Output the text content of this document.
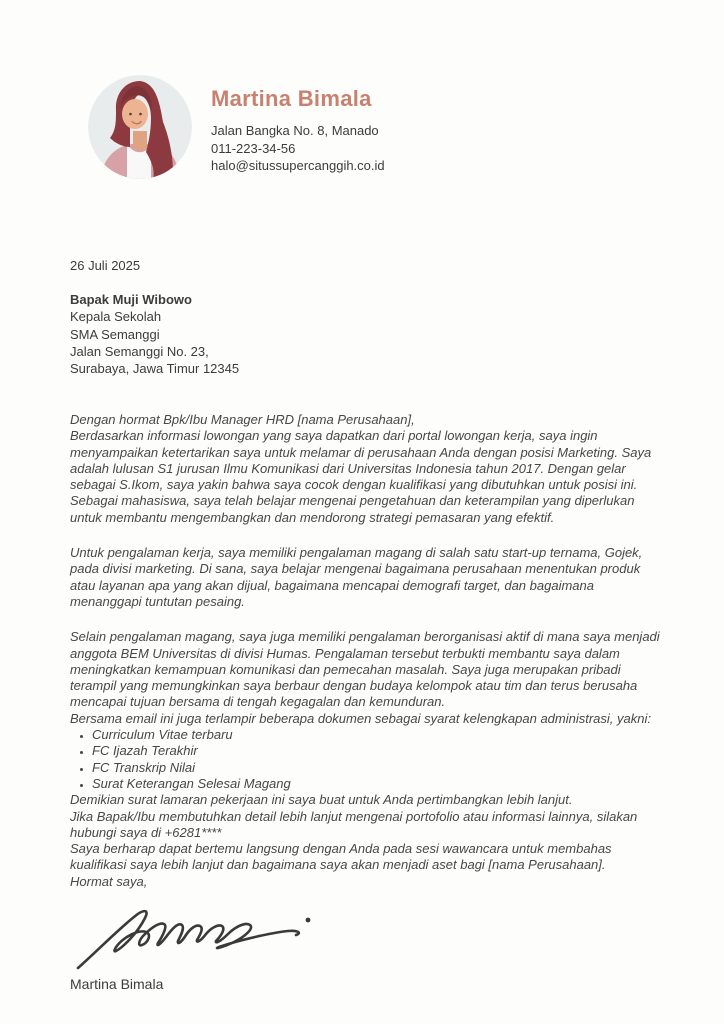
Martina Bimala
Jalan Bangka No. 8, Manado
011-223-34-56
halo@situssupercanggih.co.id
26 Juli 2025
Bapak Muji Wibowo
Kepala Sekolah
SMA Semanggi
Jalan Semanggi No. 23,
Surabaya, Jawa Timur 12345

Dengan hormat Bpk/Ibu Manager HRD [nama Perusahaan],

Berdasarkan informasi lowongan yang saya dapatkan dari portal lowongan kerja, saya ingin menyampaikan ketertarikan saya untuk melamar di perusahaan Anda dengan posisi Marketing. Saya adalah lulusan S1 jurusan Ilmu Komunikasi dari Universitas Indonesia tahun 2017. Dengan gelar sebagai S.Ikom, saya yakin bahwa saya cocok dengan kualifikasi yang dibutuhkan untuk posisi ini. Sebagai mahasiswa, saya telah belajar mengenai pengetahuan dan keterampilan yang diperlukan untuk membantu mengembangkan dan mendorong strategi pemasaran yang efektif.

Untuk pengalaman kerja, saya memiliki pengalaman magang di salah satu start-up ternama, Gojek, pada divisi marketing. Di sana, saya belajar mengenai bagaimana perusahaan menentukan produk atau layanan apa yang akan dijual, bagaimana mencapai demografi target, dan bagaimana menanggapi tuntutan pesaing.

Selain pengalaman magang, saya juga memiliki pengalaman berorganisasi aktif di mana saya menjadi anggota BEM Universitas di divisi Humas. Pengalaman tersebut terbukti membantu saya dalam meningkatkan kemampuan komunikasi dan pemecahan masalah. Saya juga merupakan pribadi terampil yang memungkinkan saya berbaur dengan budaya kelompok atau tim dan terus berusaha mencapai tujuan bersama di tengah kegagalan dan kemunduran.

Bersama email ini juga terlampir beberapa dokumen sebagai syarat kelengkapan administrasi, yakni:

• Curriculum Vitae terbaru
• FC Ijazah Terakhir
• FC Transkrip Nilai
• Surat Keterangan Selesai Magang

Demikian surat lamaran pekerjaan ini saya buat untuk Anda pertimbangkan lebih lanjut.

Jika Bapak/Ibu membutuhkan detail lebih lanjut mengenai portofolio atau informasi lainnya, silakan hubungi saya di +6281****

Saya berharap dapat bertemu langsung dengan Anda pada sesi wawancara untuk membahas kualifikasi saya lebih lanjut dan bagaimana saya akan menjadi aset bagi [nama Perusahaan].

Hormat saya,

Martina Bimala
